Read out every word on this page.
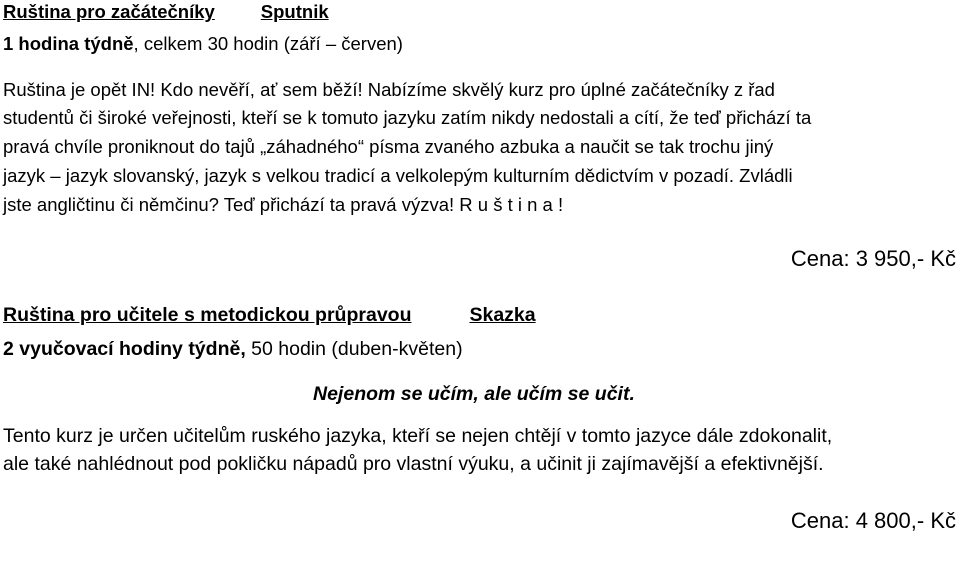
Ruština pro začátečníky Sputnik
1 hodina týdně, celkem 30 hodin (září – červen)
Ruština je opět IN! Kdo nevěří, ať sem běží! Nabízíme skvělý kurz pro úplné začátečníky z řad
studentů či široké veřejnosti, kteří se k tomuto jazyku zatím nikdy nedostali a cítí, že teď přichází ta
pravá chvíle proniknout do tajů „záhadného“ písma zvaného azbuka a naučit se tak trochu jiný
jazyk – jazyk slovanský, jazyk s velkou tradicí a velkolepým kulturním dědictvím v pozadí. Zvládli
jste angličtinu či němčinu? Teď přichází ta pravá výzva! R u š t i n a !
Cena: 3 950,- Kč
Ruština pro učitele s metodickou průpravou	Skazka
2 vyučovací hodiny týdně, 50 hodin (duben-květen)
Nejenom se učím, ale učím se učit.
Tento kurz je určen učitelům ruského jazyka, kteří se nejen chtějí v tomto jazyce dále zdokonalit,
ale také nahlédnout pod pokličku nápadů pro vlastní výuku, a učinit ji zajímavější a efektivnější.
Cena: 4 800,- Kč
